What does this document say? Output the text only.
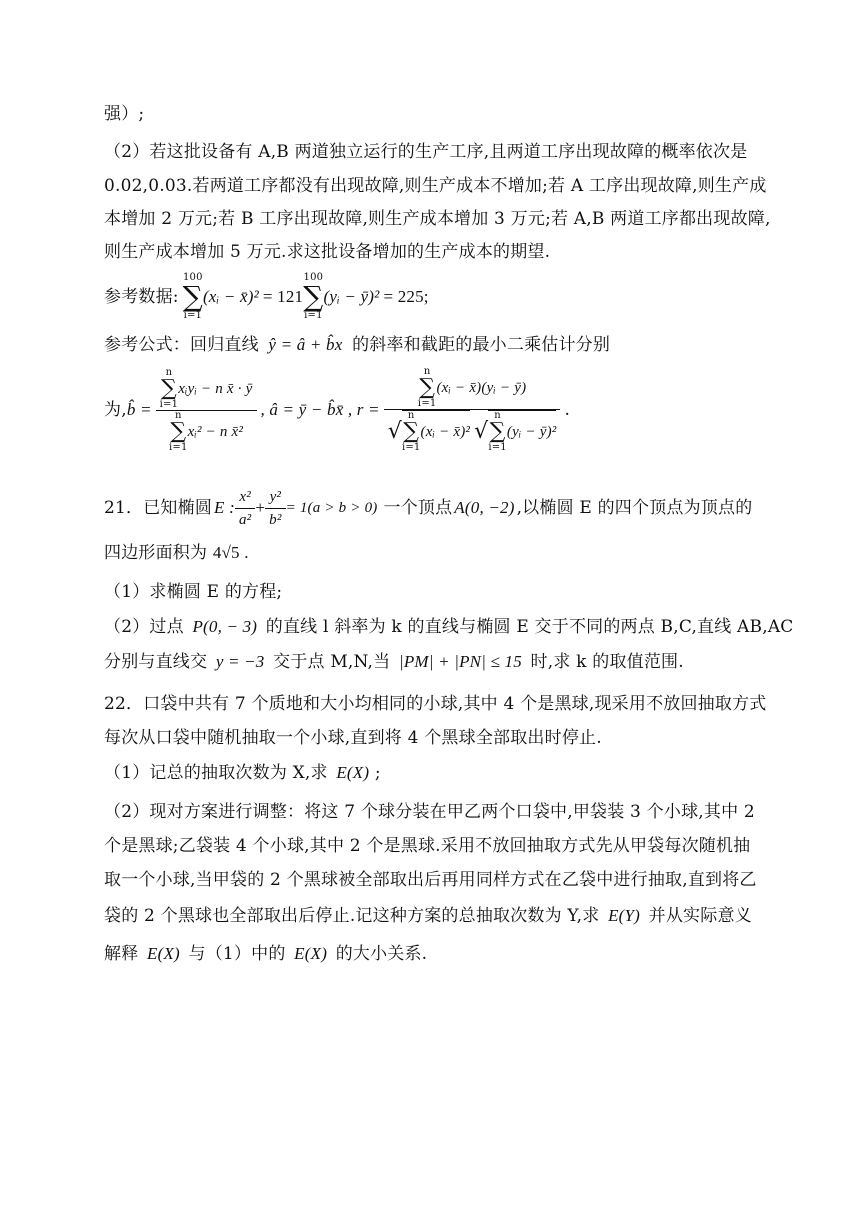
强）;
（2）若这批设备有 A,B 两道独立运行的生产工序,且两道工序出现故障的概率依次是
0.02,0.03.若两道工序都没有出现故障,则生产成本不增加;若 A 工序出现故障,则生产成
本增加 2 万元;若 B 工序出现故障,则生产成本增加 3 万元;若 A,B 两道工序都出现故障,
则生产成本增加 5 万元.求这批设备增加的生产成本的期望.
参考数据:
100
∑
i=1
(xᵢ − x̄)² = 121
100
∑
i=1
(yᵢ − ȳ)² = 225;
参考公式：回归直线 ŷ = â + b̂x 的斜率和截距的最小二乘估计分别
为, b̂ = n
∑
i=1
xᵢyᵢ − n x̄ · ȳ
n
∑
i=1
xᵢ² − n x̄² , â = ȳ − b̂x̄ , r =
n
∑
i=1
(xᵢ − x̄)(yᵢ − ȳ)
√
n
∑
i=1
(xᵢ − x̄)² √
n
∑
i=1
(yᵢ − ȳ)²
.
21．已知椭圆 E : $\frac{\text{x²}}{\text{a²}} + \frac{\text{y²}}{\text{b²}} = 1(a > b > 0)$ 一个顶点 A(0, −2) ,以椭圆 E 的四个顶点为顶点的
四边形面积为 4√5 .
（1）求椭圆 E 的方程;
（2）过点 P(0, − 3) 的直线 l 斜率为 k 的直线与椭圆 E 交于不同的两点 B,C,直线 AB,AC
分别与直线交 y = −3 交于点 M,N,当 |PM| + |PN| ≤ 15 时,求 k 的取值范围.
22．口袋中共有 7 个质地和大小均相同的小球,其中 4 个是黑球,现采用不放回抽取方式
每次从口袋中随机抽取一个小球,直到将 4 个黑球全部取出时停止.
（1）记总的抽取次数为 X,求 E(X) ;
（2）现对方案进行调整：将这 7 个球分装在甲乙两个口袋中,甲袋装 3 个小球,其中 2
个是黑球;乙袋装 4 个小球,其中 2 个是黑球.采用不放回抽取方式先从甲袋每次随机抽
取一个小球,当甲袋的 2 个黑球被全部取出后再用同样方式在乙袋中进行抽取,直到将乙
袋的 2 个黑球也全部取出后停止.记这种方案的总抽取次数为 Y,求 E(Y) 并从实际意义
解释 E(X) 与（1）中的 E(X) 的大小关系.
